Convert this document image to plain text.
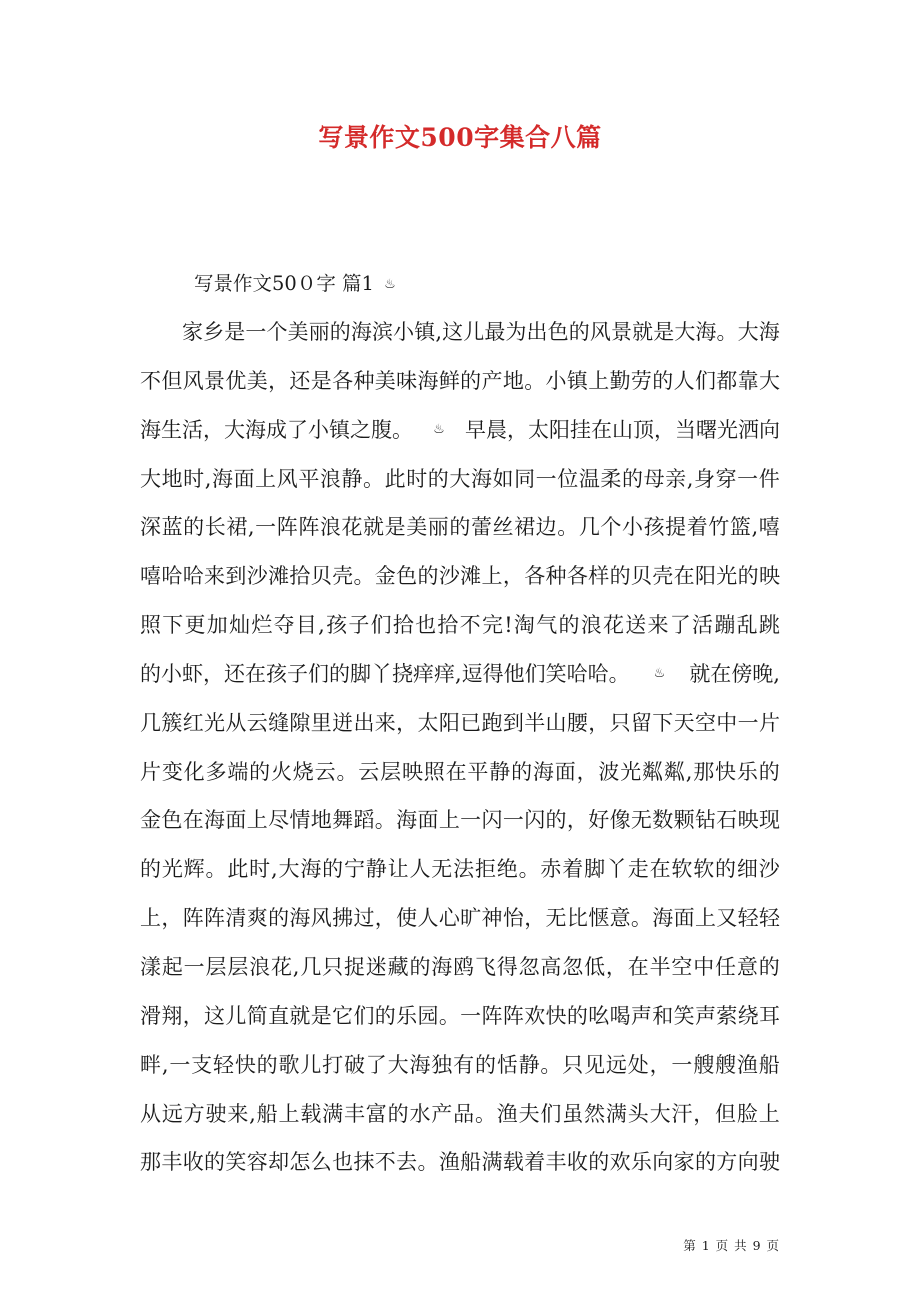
写景作文500字集合八篇
写景作文50０字 篇1 ♨
家 乡 是 一 个 美 丽 的 海 滨 小 镇 , 这 儿 最 为 出 色 的 风 景 就 是 大 海 。 大 海
不 但 风 景 优 美 ， 还 是 各 种 美 味 海 鲜 的 产 地 。 小 镇 上 勤 劳 的 人 们 都 靠 大
海生活，大海成了小镇之腹。 ♨ 早晨，太阳挂在山顶，当曙光洒向
大 地 时 , 海 面 上 风 平 浪 静 。 此 时 的 大 海 如 同 一 位 温 柔 的 母 亲 , 身 穿 一 件
深 蓝 的 长 裙 , 一 阵 阵 浪 花 就 是 美 丽 的 蕾 丝 裙 边 。 几 个 小 孩 提 着 竹 篮 , 嘻
嘻 哈 哈 来 到 沙 滩 拾 贝 壳 。 金 色 的 沙 滩 上 ， 各 种 各 样 的 贝 壳 在 阳 光 的 映
照 下 更 加 灿 烂 夺 目 , 孩 子 们 拾 也 拾 不 完 ! 淘 气 的 浪 花 送 来 了 活 蹦 乱 跳
的小虾，还在孩子们的脚丫挠痒痒,逗得他们笑哈哈。 ♨ 就在傍晚,
几 簇 红 光 从 云 缝 隙 里 迸 出 来 ， 太 阳 已 跑 到 半 山 腰 ， 只 留 下 天 空 中 一 片
片 变 化 多 端 的 火 烧 云 。 云 层 映 照 在 平 静 的 海 面 ， 波 光 粼 粼 , 那 快 乐 的
金 色 在 海 面 上 尽 情 地 舞 蹈 。 海 面 上 一 闪 一 闪 的 ， 好 像 无 数 颗 钻 石 映 现
的 光 辉 。 此 时 , 大 海 的 宁 静 让 人 无 法 拒 绝 。 赤 着 脚 丫 走 在 软 软 的 细 沙
上 ， 阵 阵 清 爽 的 海 风 拂 过 ， 使 人 心 旷 神 怡 ， 无 比 惬 意 。 海 面 上 又 轻 轻
漾 起 一 层 层 浪 花 , 几 只 捉 迷 藏 的 海 鸥 飞 得 忽 高 忽 低 ， 在 半 空 中 任 意 的
滑 翔 ， 这 儿 简 直 就 是 它 们 的 乐 园 。 一 阵 阵 欢 快 的 吆 喝 声 和 笑 声 萦 绕 耳
畔 , 一 支 轻 快 的 歌 儿 打 破 了 大 海 独 有 的 恬 静 。 只 见 远 处 ， 一 艘 艘 渔 船
从 远 方 驶 来 , 船 上 载 满 丰 富 的 水 产 品 。 渔 夫 们 虽 然 满 头 大 汗 ， 但 脸 上
那 丰 收 的 笑 容 却 怎 么 也 抹 不 去 。 渔 船 满 载 着 丰 收 的 欢 乐 向 家 的 方 向 驶
第 1 页 共 9 页
